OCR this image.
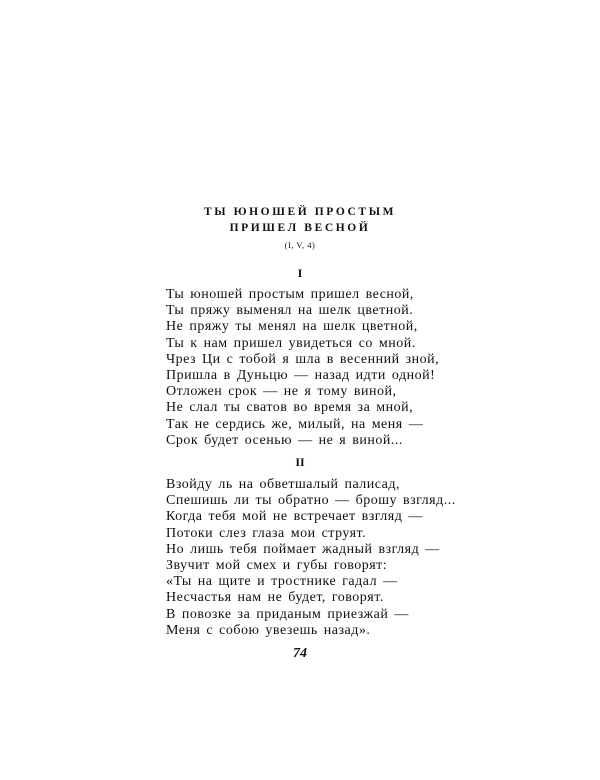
ТЫ ЮНОШЕЙ ПРОСТЫМ
ПРИШЕЛ ВЕСНОЙ
(I, V, 4)
I
Ты юношей простым пришел весной,
Ты пряжу выменял на шелк цветной.
Не пряжу ты менял на шелк цветной,
Ты к нам пришел увидеться со мной.
Чрез Ци с тобой я шла в весенний зной,
Пришла в Дуньцю — назад идти одной!
Отложен срок — не я тому виной,
Не слал ты сватов во время за мной,
Так не сердись же, милый, на меня —
Срок будет осенью — не я виной...
II
Взойду ль на обветшалый палисад,
Спешишь ли ты обратно — брошу взгляд...
Когда тебя мой не встречает взгляд —
Потоки слез глаза мои струят.
Но лишь тебя поймает жадный взгляд —
Звучит мой смех и губы говорят:
«Ты на щите и тростнике гадал —
Несчастья нам не будет, говорят.
В повозке за приданым приезжай —
Меня с собою увезешь назад».
74
